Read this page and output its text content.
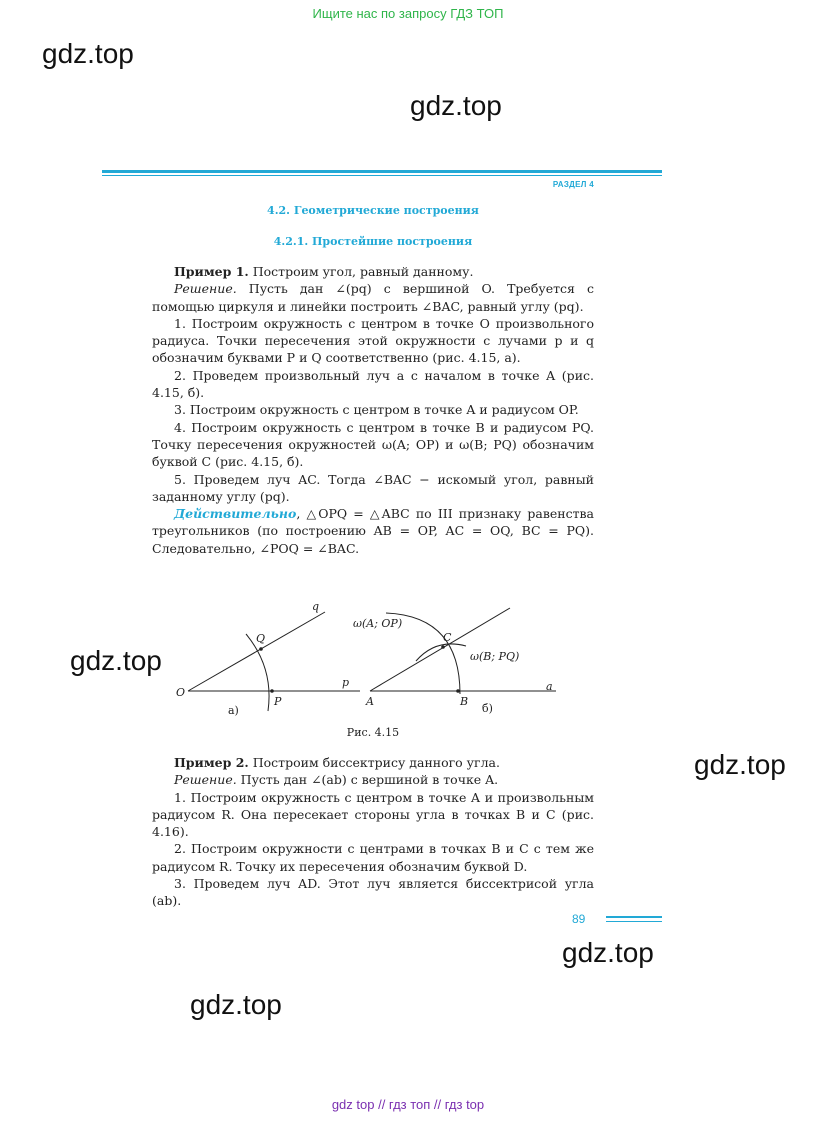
Ищите нас по запросу ГДЗ ТОП
gdz.top
gdz.top
РАЗДЕЛ 4
4.2. Геометрические построения
4.2.1. Простейшие построения

Пример 1. Построим угол, равный данному.

Решение. Пусть дан ∠(pq) с вершиной O. Требуется с помощью циркуля и линейки построить ∠BAC, равный углу (pq).

1. Построим окружность с центром в точке O произвольного радиуса. Точки пересечения этой окружности с лучами p и q обозначим буквами P и Q соответственно (рис. 4.15, а).

2. Проведем произвольный луч a с началом в точке A (рис. 4.15, б).

3. Построим окружность с центром в точке A и радиусом OP.

4. Построим окружность с центром в точке B и радиусом PQ. Точку пересечения окружностей ω(A; OP) и ω(B; PQ) обозначим буквой C (рис. 4.15, б).

5. Проведем луч AC. Тогда ∠BAC − искомый угол, равный заданному углу (pq).

Действительно, △OPQ = △ABC по III признаку равенства треугольников (по построению AB = OP, AC = OQ, BC = PQ). Следовательно, ∠POQ = ∠BAC.

O
P
Q
p
q
а)
A	B
C
a
б)
ω(A; OP)
ω(B; PQ)
gdz.top
Рис. 4.15
gdz.top

Пример 2. Построим биссектрису данного угла.

Решение. Пусть дан ∠(ab) с вершиной в точке A.

1. Построим окружность с центром в точке A и произвольным радиусом R. Она пересекает стороны угла в точках B и C (рис. 4.16).

2. Построим окружности с центрами в точках B и C с тем же радиусом R. Точку их пересечения обозначим буквой D.

3. Проведем луч AD. Этот луч является биссектрисой угла (ab).

89
gdz.top
gdz.top
gdz top // гдз топ // гдз top
